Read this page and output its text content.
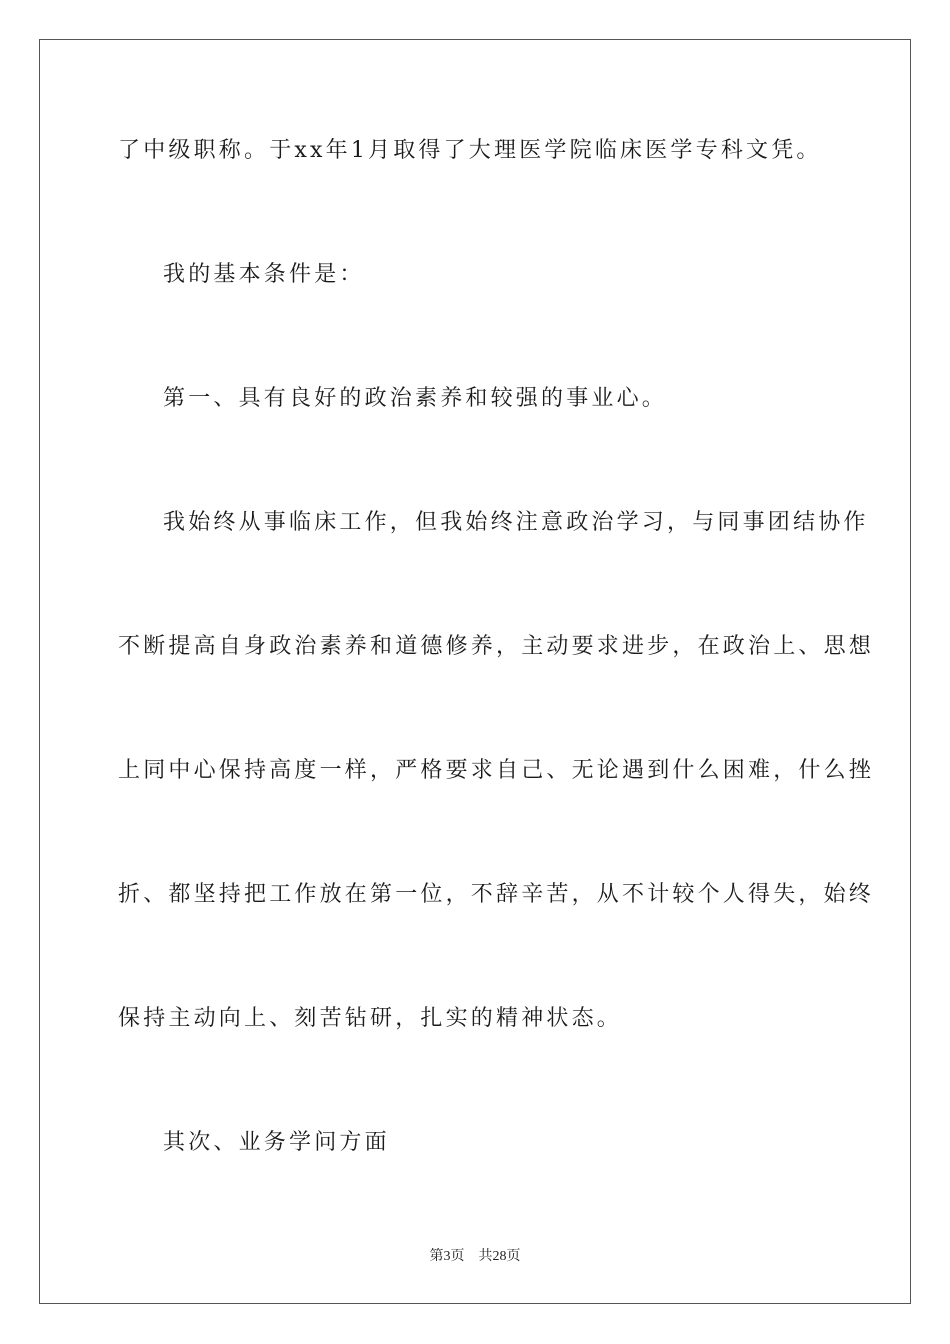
了中级职称。于xx年1月取得了大理医学院临床医学专科文凭。
我的基本条件是：
第一、具有良好的政治素养和较强的事业心。
我始终从事临床工作，但我始终注意政治学习，与同事团结协作
不断提高自身政治素养和道德修养，主动要求进步，在政治上、思想
上同中心保持高度一样，严格要求自己、无论遇到什么困难，什么挫
折、都坚持把工作放在第一位，不辞辛苦，从不计较个人得失，始终
保持主动向上、刻苦钻研，扎实的精神状态。
其次、业务学问方面
第3页 共28页
